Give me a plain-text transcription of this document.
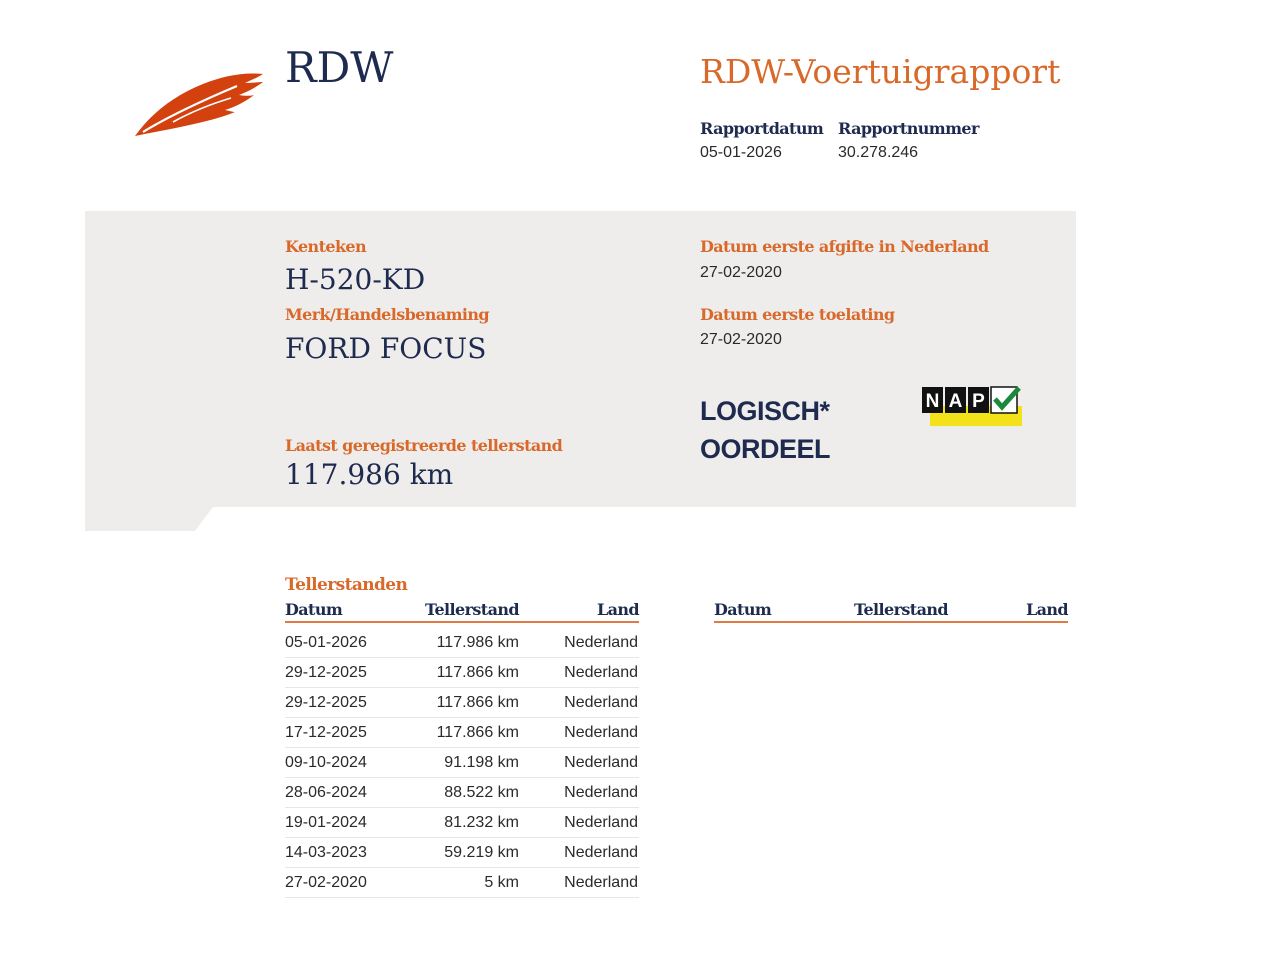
RDW	RDW-Voertuigrapport
Rapportdatum
05-01-2026
Rapportnummer
30.278.246
Kenteken
H-520-KD
Merk/Handelsbenaming
FORD FOCUS
Laatst geregistreerde tellerstand
117.986 km
Datum eerste afgifte in Nederland
27-02-2020
Datum eerste toelating
27-02-2020
LOGISCH*
OORDEEL
N A P
Tellerstanden
Datum	Tellerstand	Land
05-01-2026	117.986 km	Nederland
29-12-2025	117.866 km	Nederland
29-12-2025	117.866 km	Nederland
17-12-2025	117.866 km	Nederland
09-10-2024	91.198 km	Nederland
28-06-2024	88.522 km	Nederland
19-01-2024	81.232 km	Nederland
14-03-2023	59.219 km	Nederland
27-02-2020	5 km	Nederland
Datum	Tellerstand	Land
